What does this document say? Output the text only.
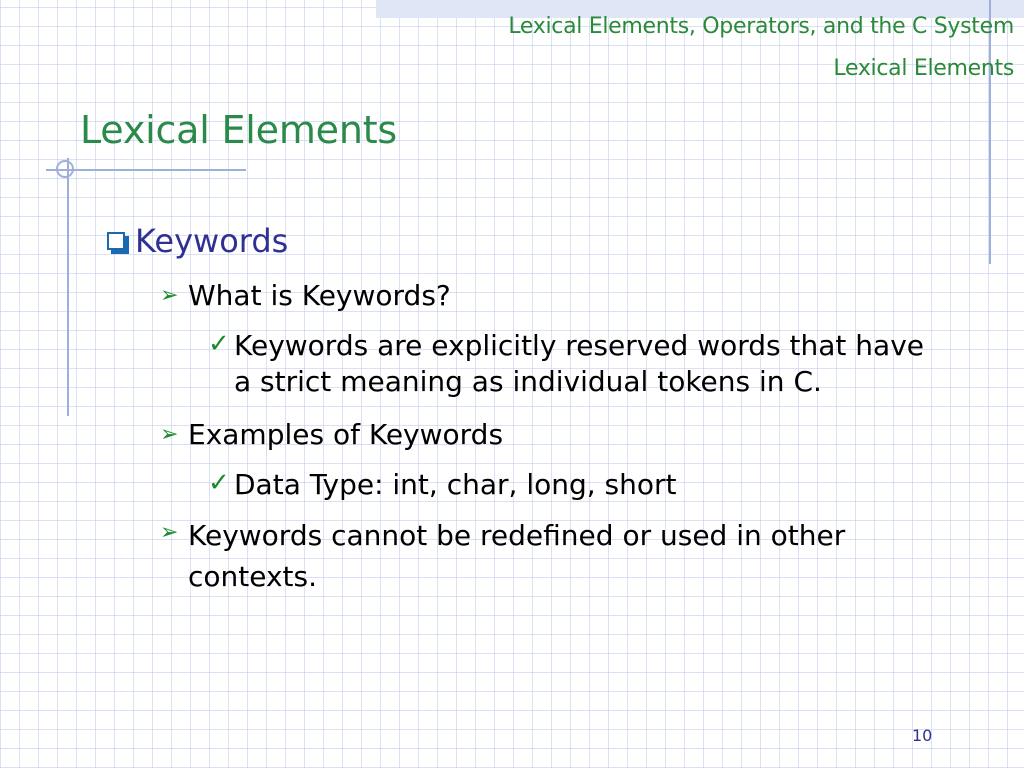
Lexical Elements, Operators, and the C System
Lexical Elements
Lexical Elements
Keywords
➢ What is Keywords?
✓ Keywords are explicitly reserved words that have a strict meaning as individual tokens in C.
➢ Examples of Keywords
✓ Data Type: int, char, long, short
➢ Keywords cannot be redefined or used in other contexts.
10
